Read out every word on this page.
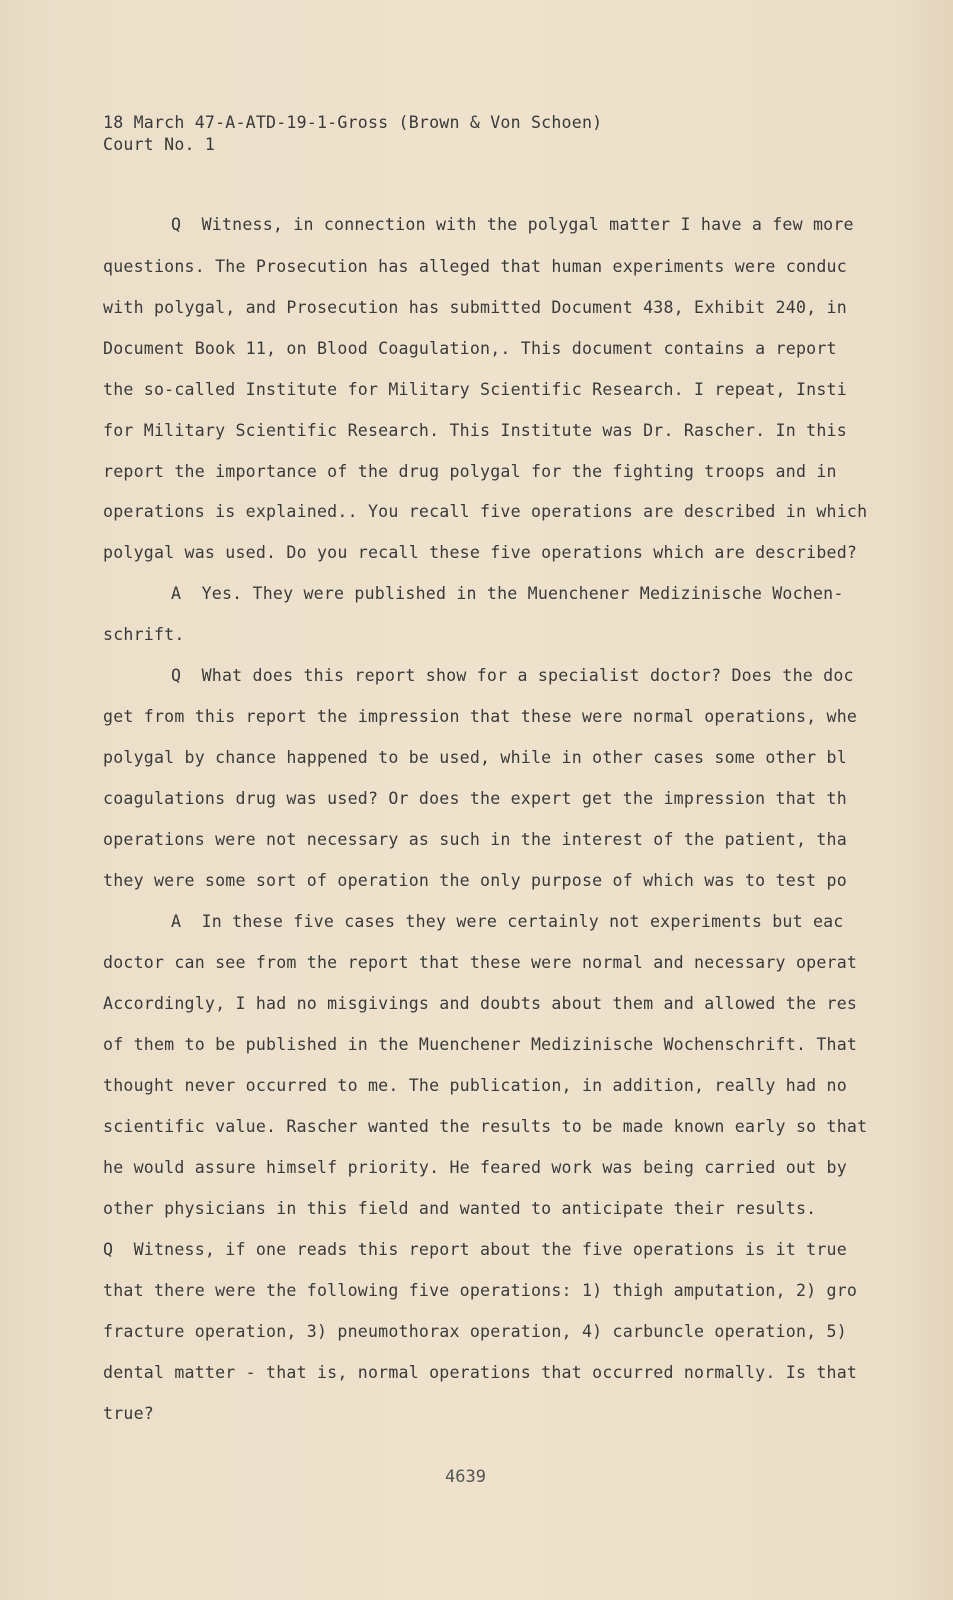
18 March 47-A-ATD-19-1-Gross (Brown & Von Schoen)

Court No. 1

Q  Witness, in connection with the polygal matter I have a few more

questions. The Prosecution has alleged that human experiments were conduc

with polygal, and Prosecution has submitted Document 438, Exhibit 240, in

Document Book 11, on Blood Coagulation,. This document contains a report

the so-called Institute for Military Scientific Research. I repeat, Insti

for Military Scientific Research. This Institute was Dr. Rascher. In this

report the importance of the drug polygal for the fighting troops and in

operations is explained.. You recall five operations are described in which

polygal was used. Do you recall these five operations which are described?

A  Yes. They were published in the Muenchener Medizinische Wochen-

schrift.

Q  What does this report show for a specialist doctor? Does the doc

get from this report the impression that these were normal operations, whe

polygal by chance happened to be used, while in other cases some other bl

coagulations drug was used? Or does the expert get the impression that th

operations were not necessary as such in the interest of the patient, tha

they were some sort of operation the only purpose of which was to test po

A  In these five cases they were certainly not experiments but eac

doctor can see from the report that these were normal and necessary operat

Accordingly, I had no misgivings and doubts about them and allowed the res

of them to be published in the Muenchener Medizinische Wochenschrift. That

thought never occurred to me. The publication, in addition, really had no

scientific value. Rascher wanted the results to be made known early so that

he would assure himself priority. He feared work was being carried out by

other physicians in this field and wanted to anticipate their results.

Q  Witness, if one reads this report about the five operations is it true

that there were the following five operations: 1) thigh amputation, 2) gro

fracture operation, 3) pneumothorax operation, 4) carbuncle operation, 5)

dental matter - that is, normal operations that occurred normally. Is that

true?

4639
